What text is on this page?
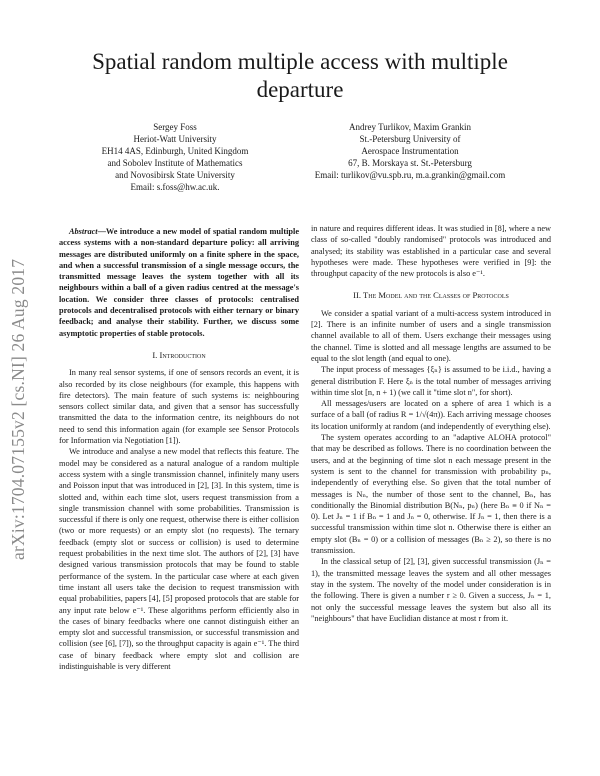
arXiv:1704.07155v2 [cs.NI] 26 Aug 2017
Spatial random multiple access with multiple departure
Sergey Foss
Heriot-Watt University
EH14 4AS, Edinburgh, United Kingdom
and Sobolev Institute of Mathematics
and Novosibirsk State University
Email: s.foss@hw.ac.uk.
Andrey Turlikov, Maxim Grankin
St.-Petersburg University of
Aerospace Instrumentation
67, B. Morskaya st. St.-Petersburg
Email: turlikov@vu.spb.ru, m.a.grankin@gmail.com

Abstract—We introduce a new model of spatial random multiple access systems with a non-standard departure policy: all arriving messages are distributed uniformly on a finite sphere in the space, and when a successful transmission of a single message occurs, the transmitted message leaves the system together with all its neighbours within a ball of a given radius centred at the message's location. We consider three classes of protocols: centralised protocols and decentralised protocols with either ternary or binary feedback; and analyse their stability. Further, we discuss some asymptotic properties of stable protocols.

I. Introduction

In many real sensor systems, if one of sensors records an event, it is also recorded by its close neighbours (for example, this happens with fire detectors). The main feature of such systems is: neighbouring sensors collect similar data, and given that a sensor has successfully transmitted the data to the information centre, its neighbours do not need to send this information again (for example see Sensor Protocols for Information via Negotiation [1]).

We introduce and analyse a new model that reflects this feature. The model may be considered as a natural analogue of a random multiple access system with a single transmission channel, infinitely many users and Poisson input that was introduced in [2], [3]. In this system, time is slotted and, within each time slot, users request transmission from a single transmission channel with some probabilities. Transmission is successful if there is only one request, otherwise there is either collision (two or more requests) or an empty slot (no requests). The ternary feedback (empty slot or success or collision) is used to determine request probabilities in the next time slot. The authors of [2], [3] have designed various transmission protocols that may be found to stable performance of the system. In the particular case where at each given time instant all users take the decision to request transmission with equal probabilities, papers [4], [5] proposed protocols that are stable for any input rate below e⁻¹. These algorithms perform efficiently also in the cases of binary feedbacks where one cannot distinguish either an empty slot and successful transmission, or successful transmission and collision (see [6], [7]), so the throughput capacity is again e⁻¹. The third case of binary feedback where empty slot and collision are indistinguishable is very different

in nature and requires different ideas. It was studied in [8], where a new class of so-called "doubly randomised" protocols was introduced and analysed; its stability was established in a particular case and several hypotheses were made. These hypotheses were verified in [9]: the throughput capacity of the new protocols is also e⁻¹.

II. The Model and the Classes of Protocols

We consider a spatial variant of a multi-access system introduced in [2]. There is an infinite number of users and a single transmission channel available to all of them. Users exchange their messages using the channel. Time is slotted and all message lengths are assumed to be equal to the slot length (and equal to one).

The input process of messages {ξₙ} is assumed to be i.i.d., having a general distribution F. Here ξₙ is the total number of messages arriving within time slot [n, n + 1) (we call it "time slot n", for short).

All messages/users are located on a sphere of area 1 which is a surface of a ball (of radius R = 1/√(4π)). Each arriving message chooses its location uniformly at random (and independently of everything else).

The system operates according to an "adaptive ALOHA protocol" that may be described as follows. There is no coordination between the users, and at the beginning of time slot n each message present in the system is sent to the channel for transmission with probability pₙ, independently of everything else. So given that the total number of messages is Nₙ, the number of those sent to the channel, Bₙ, has conditionally the Binomial distribution B(Nₙ, pₙ) (here Bₙ ≡ 0 if Nₙ = 0). Let Jₙ = 1 if Bₙ = 1 and Jₙ = 0, otherwise. If Jₙ = 1, then there is a successful transmission within time slot n. Otherwise there is either an empty slot (Bₙ = 0) or a collision of messages (Bₙ ≥ 2), so there is no transmission.

In the classical setup of [2], [3], given successful transmission (Jₙ = 1), the transmitted message leaves the system and all other messages stay in the system. The novelty of the model under consideration is in the following. There is given a number r ≥ 0. Given a success, Jₙ = 1, not only the successful message leaves the system but also all its "neighbours" that have Euclidian distance at most r from it.
